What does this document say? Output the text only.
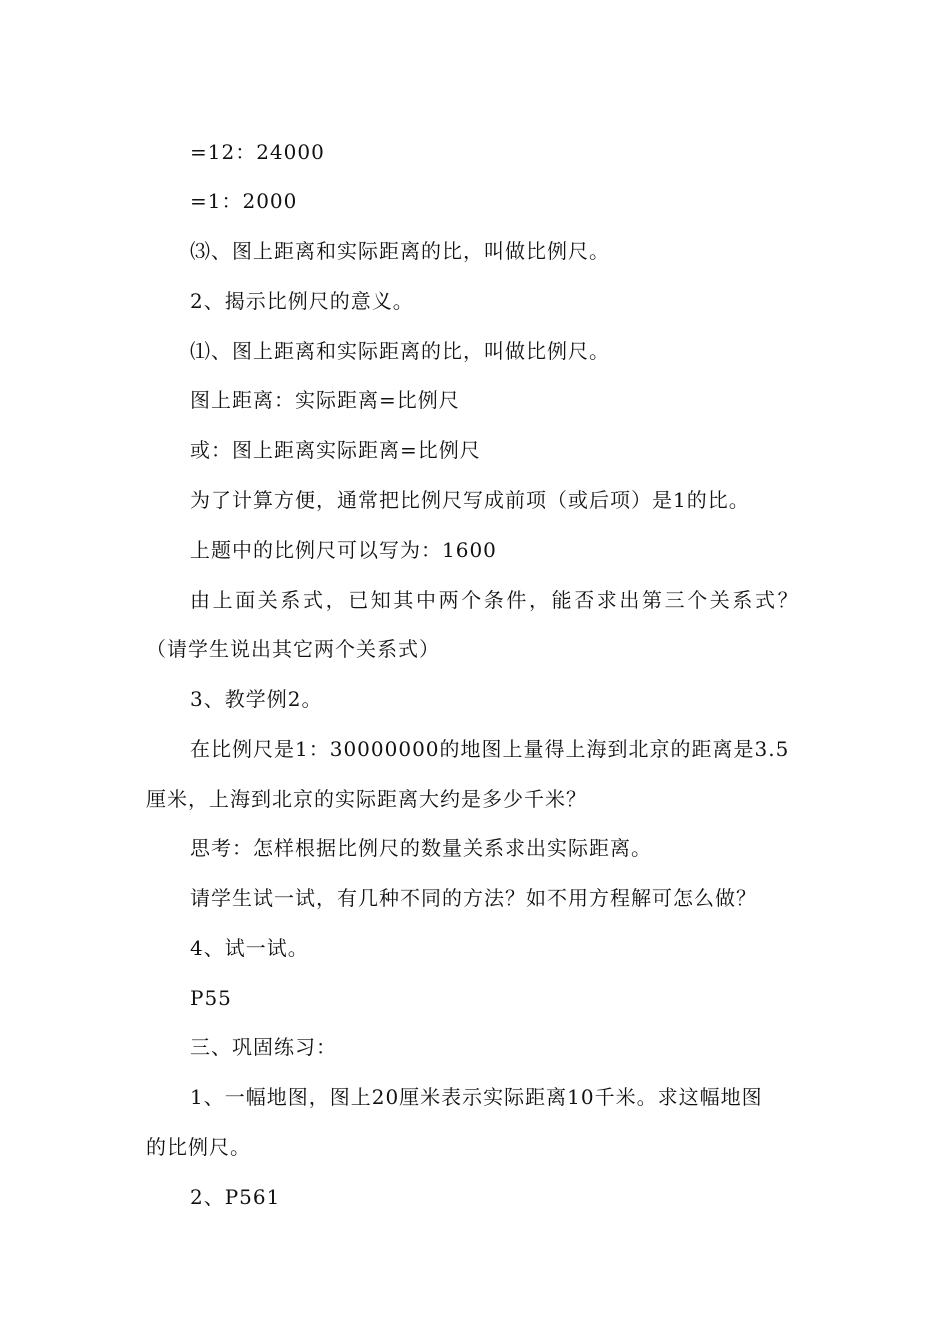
=12：24000
=1：2000
⑶、图上距离和实际距离的比，叫做比例尺。
2、揭示比例尺的意义。
⑴、图上距离和实际距离的比，叫做比例尺。
图上距离：实际距离=比例尺
或：图上距离实际距离=比例尺
为了计算方便，通常把比例尺写成前项（或后项）是1的比。
上题中的比例尺可以写为：1600
由上面关系式，已知其中两个条件，能否求出第三个关系式？
（请学生说出其它两个关系式）
3、教学例2。
在比例尺是1：30000000的地图上量得上海到北京的距离是3.5
厘米，上海到北京的实际距离大约是多少千米？
思考：怎样根据比例尺的数量关系求出实际距离。
请学生试一试，有几种不同的方法？如不用方程解可怎么做？
4、试一试。
P55
三、巩固练习：
1、一幅地图，图上20厘米表示实际距离10千米。求这幅地图
的比例尺。
2、P561
